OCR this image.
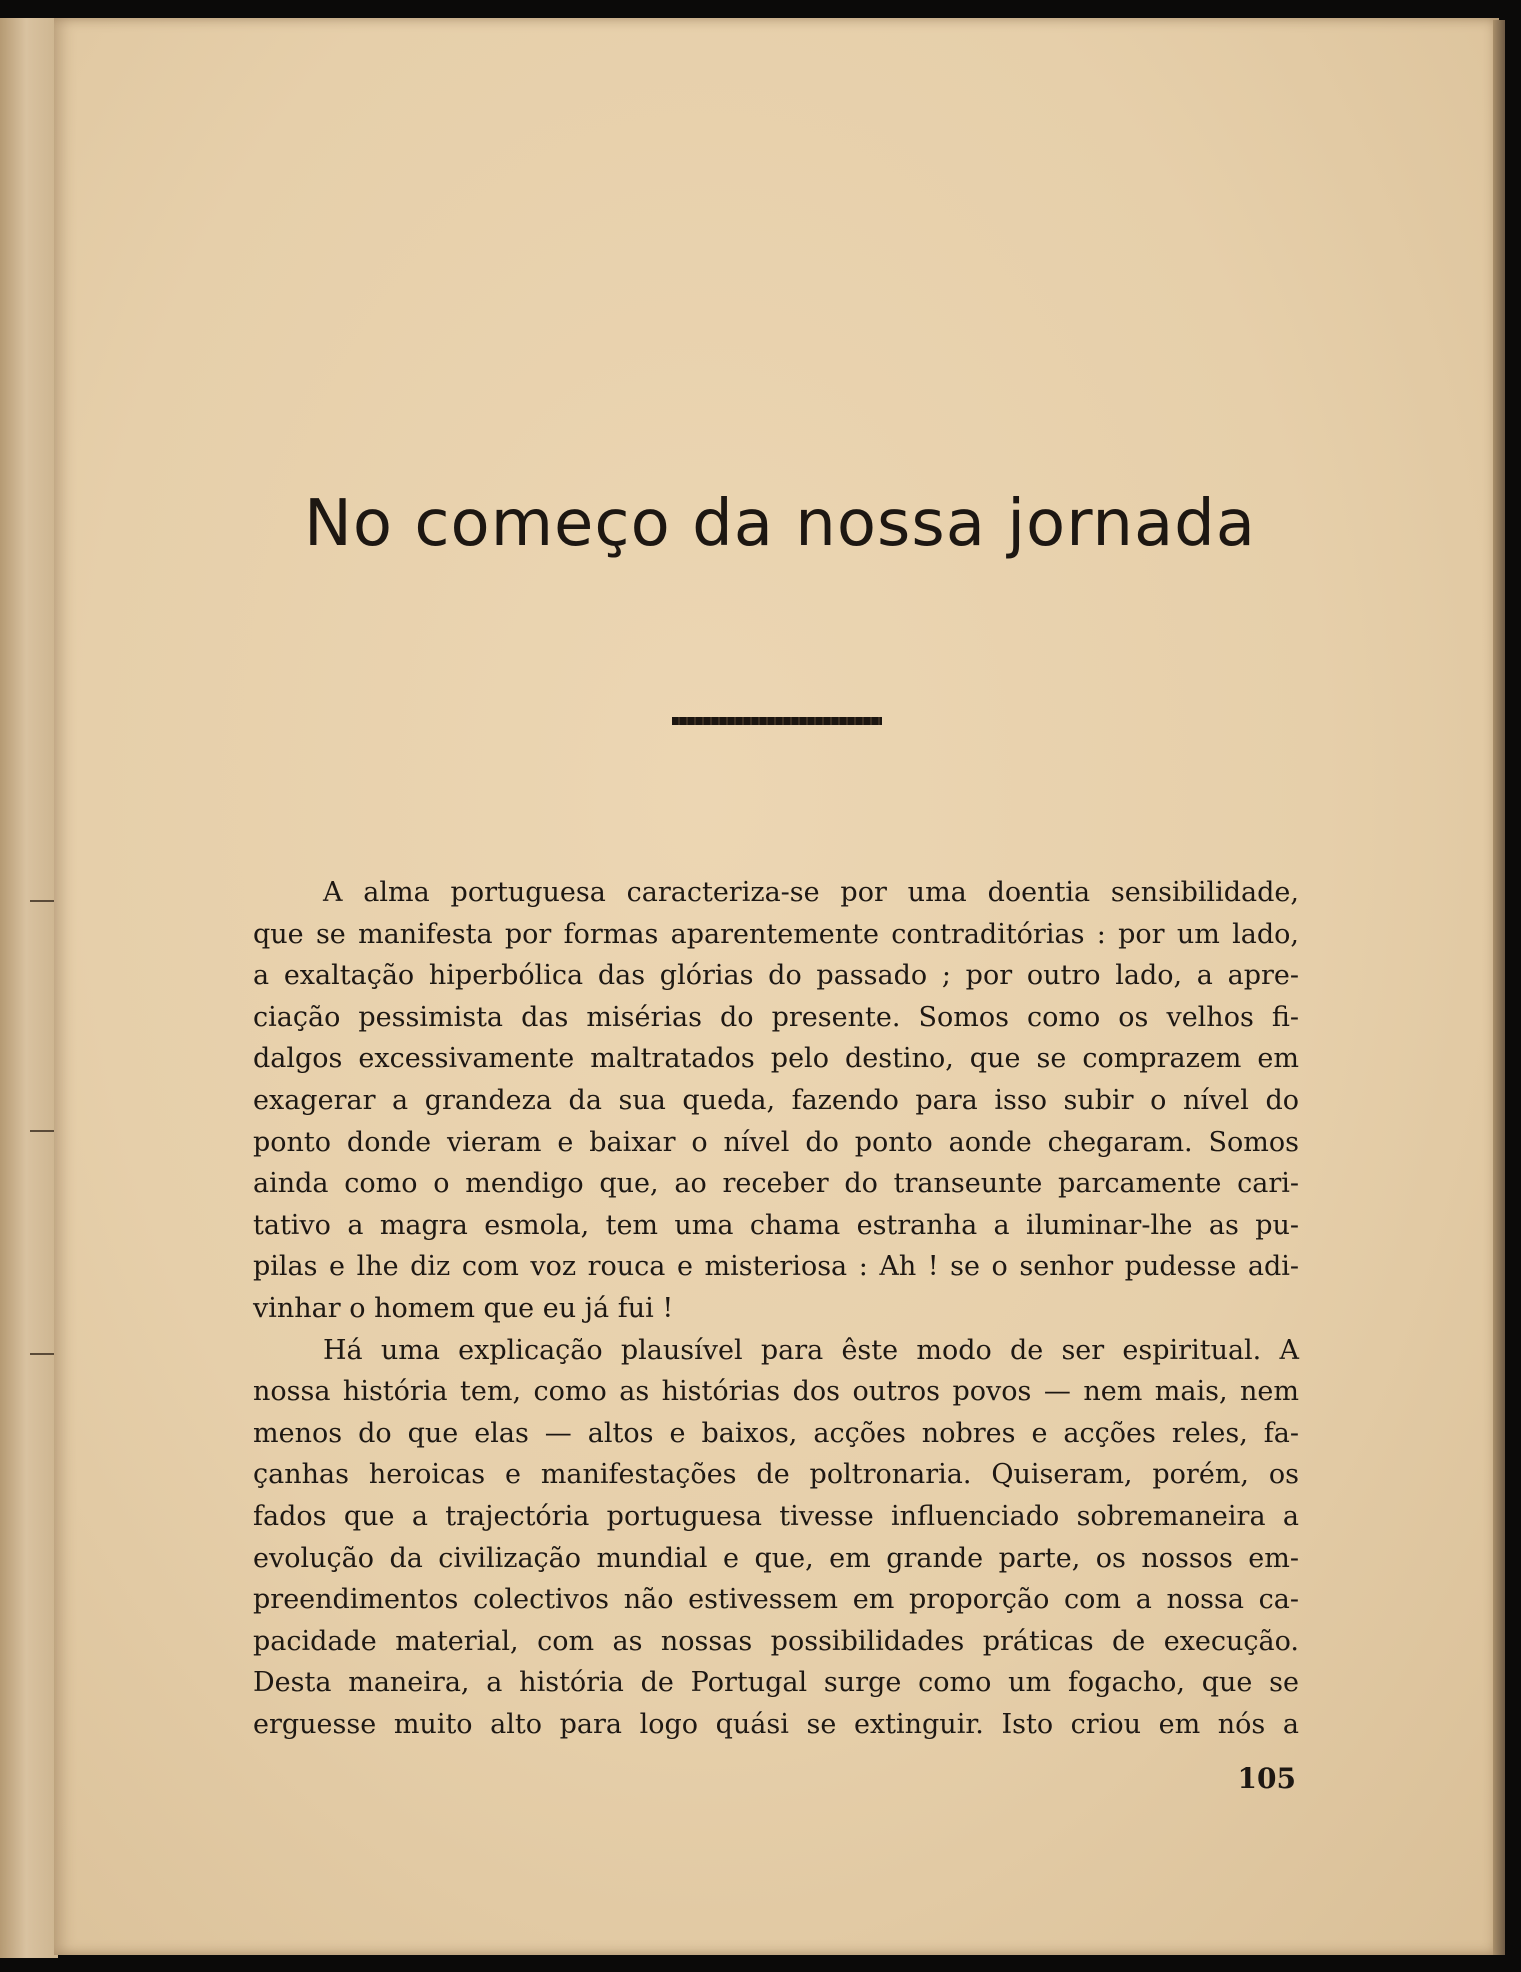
No começo da nossa jornada

A alma portuguesa caracteriza-se por uma doentia sensibilidade,
que se manifesta por formas aparentemente contraditórias : por um lado,
a exaltação hiperbólica das glórias do passado ; por outro lado, a apre-
ciação pessimista das misérias do presente. Somos como os velhos fi-
dalgos excessivamente maltratados pelo destino, que se comprazem em
exagerar a grandeza da sua queda, fazendo para isso subir o nível do
ponto donde vieram e baixar o nível do ponto aonde chegaram. Somos
ainda como o mendigo que, ao receber do transeunte parcamente cari-
tativo a magra esmola, tem uma chama estranha a iluminar-lhe as pu-
pilas e lhe diz com voz rouca e misteriosa : Ah ! se o senhor pudesse adi-
vinhar o homem que eu já fui !

Há uma explicação plausível para êste modo de ser espiritual. A
nossa história tem, como as histórias dos outros povos — nem mais, nem
menos do que elas — altos e baixos, acções nobres e acções reles, fa-
çanhas heroicas e manifestações de poltronaria. Quiseram, porém, os
fados que a trajectória portuguesa tivesse influenciado sobremaneira a
evolução da civilização mundial e que, em grande parte, os nossos em-
preendimentos colectivos não estivessem em proporção com a nossa ca-
pacidade material, com as nossas possibilidades práticas de execução.
Desta maneira, a história de Portugal surge como um fogacho, que se
erguesse muito alto para logo quási se extinguir. Isto criou em nós a

105
